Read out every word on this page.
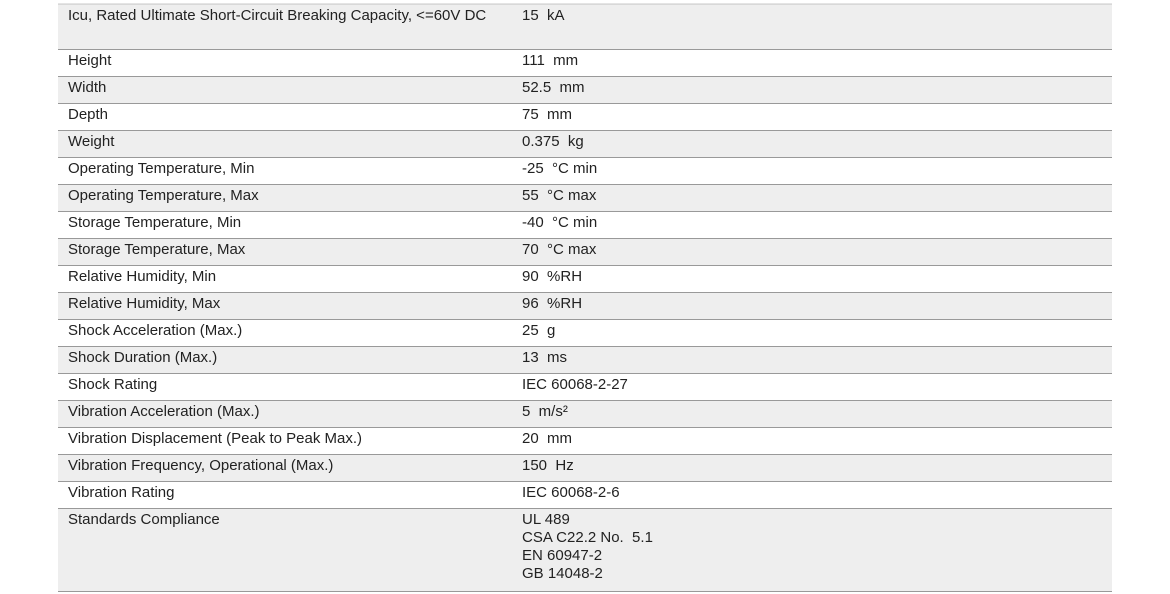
Icu, Rated Ultimate Short-Circuit Breaking Capacity, <=60V DC	15  kA
Height	111  mm
Width	52.5  mm
Depth	75  mm
Weight	0.375  kg
Operating Temperature, Min	-25  °C min
Operating Temperature, Max	55  °C max
Storage Temperature, Min	-40  °C min
Storage Temperature, Max	70  °C max
Relative Humidity, Min	90  %RH
Relative Humidity, Max	96  %RH
Shock Acceleration (Max.)	25  g
Shock Duration (Max.)	13  ms
Shock Rating	IEC 60068-2-27
Vibration Acceleration (Max.)	5  m/s²
Vibration Displacement (Peak to Peak Max.)	20  mm
Vibration Frequency, Operational (Max.)	150  Hz
Vibration Rating	IEC 60068-2-6
Standards Compliance	UL 489
CSA C22.2 No.  5.1
EN 60947-2
GB 14048-2
